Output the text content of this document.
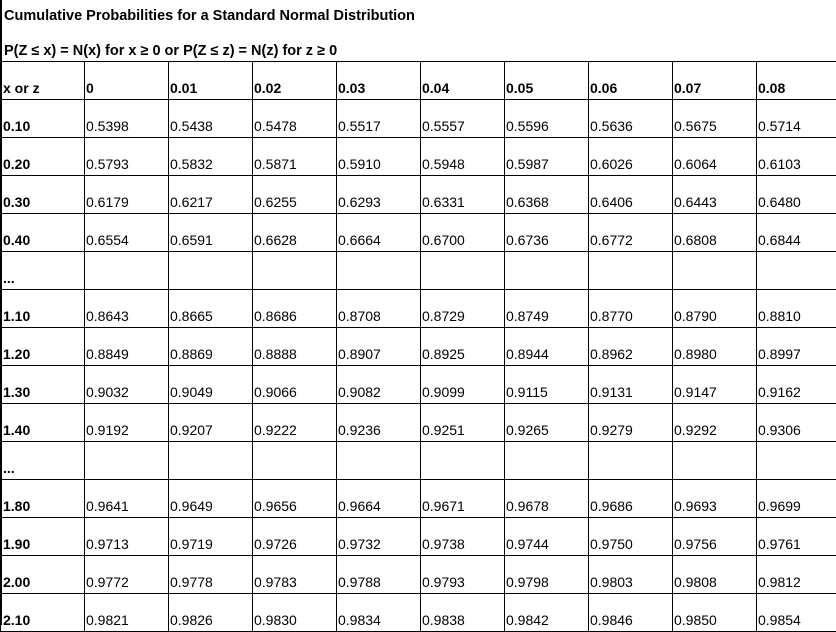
Cumulative Probabilities for a Standard Normal Distribution
P(Z ≤ x) = N(x) for x ≥ 0 or P(Z ≤ z) = N(z) for z ≥ 0
x or z	0	0.01	0.02	0.03	0.04	0.05	0.06	0.07	0.08
0.10	0.5398	0.5438	0.5478	0.5517	0.5557	0.5596	0.5636	0.5675	0.5714
0.20	0.5793	0.5832	0.5871	0.5910	0.5948	0.5987	0.6026	0.6064	0.6103
0.30	0.6179	0.6217	0.6255	0.6293	0.6331	0.6368	0.6406	0.6443	0.6480
0.40	0.6554	0.6591	0.6628	0.6664	0.6700	0.6736	0.6772	0.6808	0.6844
...									
1.10	0.8643	0.8665	0.8686	0.8708	0.8729	0.8749	0.8770	0.8790	0.8810
1.20	0.8849	0.8869	0.8888	0.8907	0.8925	0.8944	0.8962	0.8980	0.8997
1.30	0.9032	0.9049	0.9066	0.9082	0.9099	0.9115	0.9131	0.9147	0.9162
1.40	0.9192	0.9207	0.9222	0.9236	0.9251	0.9265	0.9279	0.9292	0.9306
...									
1.80	0.9641	0.9649	0.9656	0.9664	0.9671	0.9678	0.9686	0.9693	0.9699
1.90	0.9713	0.9719	0.9726	0.9732	0.9738	0.9744	0.9750	0.9756	0.9761
2.00	0.9772	0.9778	0.9783	0.9788	0.9793	0.9798	0.9803	0.9808	0.9812
2.10	0.9821	0.9826	0.9830	0.9834	0.9838	0.9842	0.9846	0.9850	0.9854
